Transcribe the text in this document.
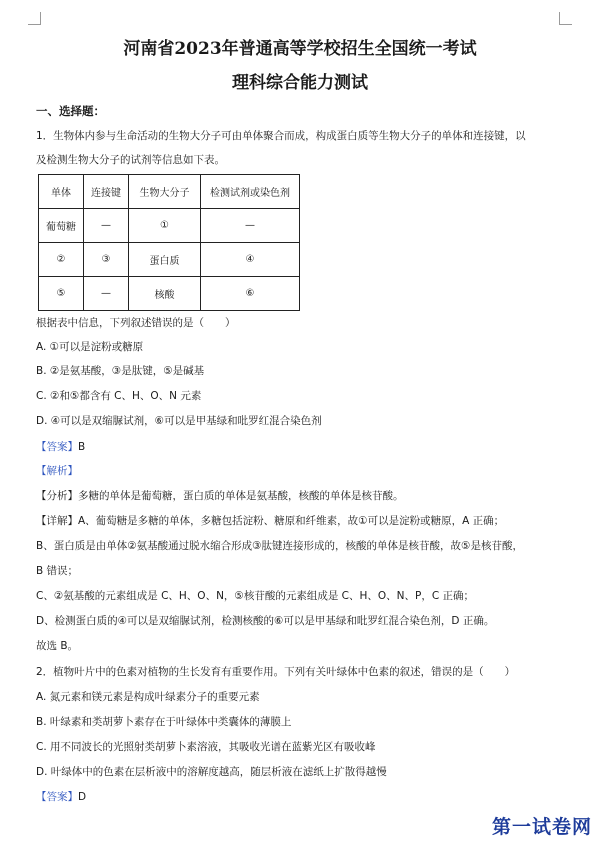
河南省2023年普通高等学校招生全国统一考试
理科综合能力测试
一、选择题：
1．生物体内参与生命活动的生物大分子可由单体聚合而成，构成蛋白质等生物大分子的单体和连接键，以
及检测生物大分子的试剂等信息如下表。
单体	连接键	生物大分子	检测试剂或染色剂
葡萄糖	—	①	—
②	③	蛋白质	④
⑤	—	核酸	⑥
根据表中信息，下列叙述错误的是（　　）
A. ①可以是淀粉或糖原
B. ②是氨基酸，③是肽键，⑤是碱基
C. ②和⑤都含有 C、H、O、N 元素
D. ④可以是双缩脲试剂，⑥可以是甲基绿和吡罗红混合染色剂
【答案】B
【解析】
【分析】多糖的单体是葡萄糖，蛋白质的单体是氨基酸，核酸的单体是核苷酸。
【详解】A、葡萄糖是多糖的单体，多糖包括淀粉、糖原和纤维素，故①可以是淀粉或糖原，A 正确；
B、蛋白质是由单体②氨基酸通过脱水缩合形成③肽键连接形成的，核酸的单体是核苷酸，故⑤是核苷酸，
B 错误；
C、②氨基酸的元素组成是 C、H、O、N，⑤核苷酸的元素组成是 C、H、O、N、P，C 正确；
D、检测蛋白质的④可以是双缩脲试剂，检测核酸的⑥可以是甲基绿和吡罗红混合染色剂，D 正确。
故选 B。
2．植物叶片中的色素对植物的生长发育有重要作用。下列有关叶绿体中色素的叙述，错误的是（　　）
A. 氮元素和镁元素是构成叶绿素分子的重要元素
B. 叶绿素和类胡萝卜素存在于叶绿体中类囊体的薄膜上
C. 用不同波长的光照射类胡萝卜素溶液，其吸收光谱在蓝紫光区有吸收峰
D. 叶绿体中的色素在层析液中的溶解度越高，随层析液在滤纸上扩散得越慢
【答案】D
第一试卷网
